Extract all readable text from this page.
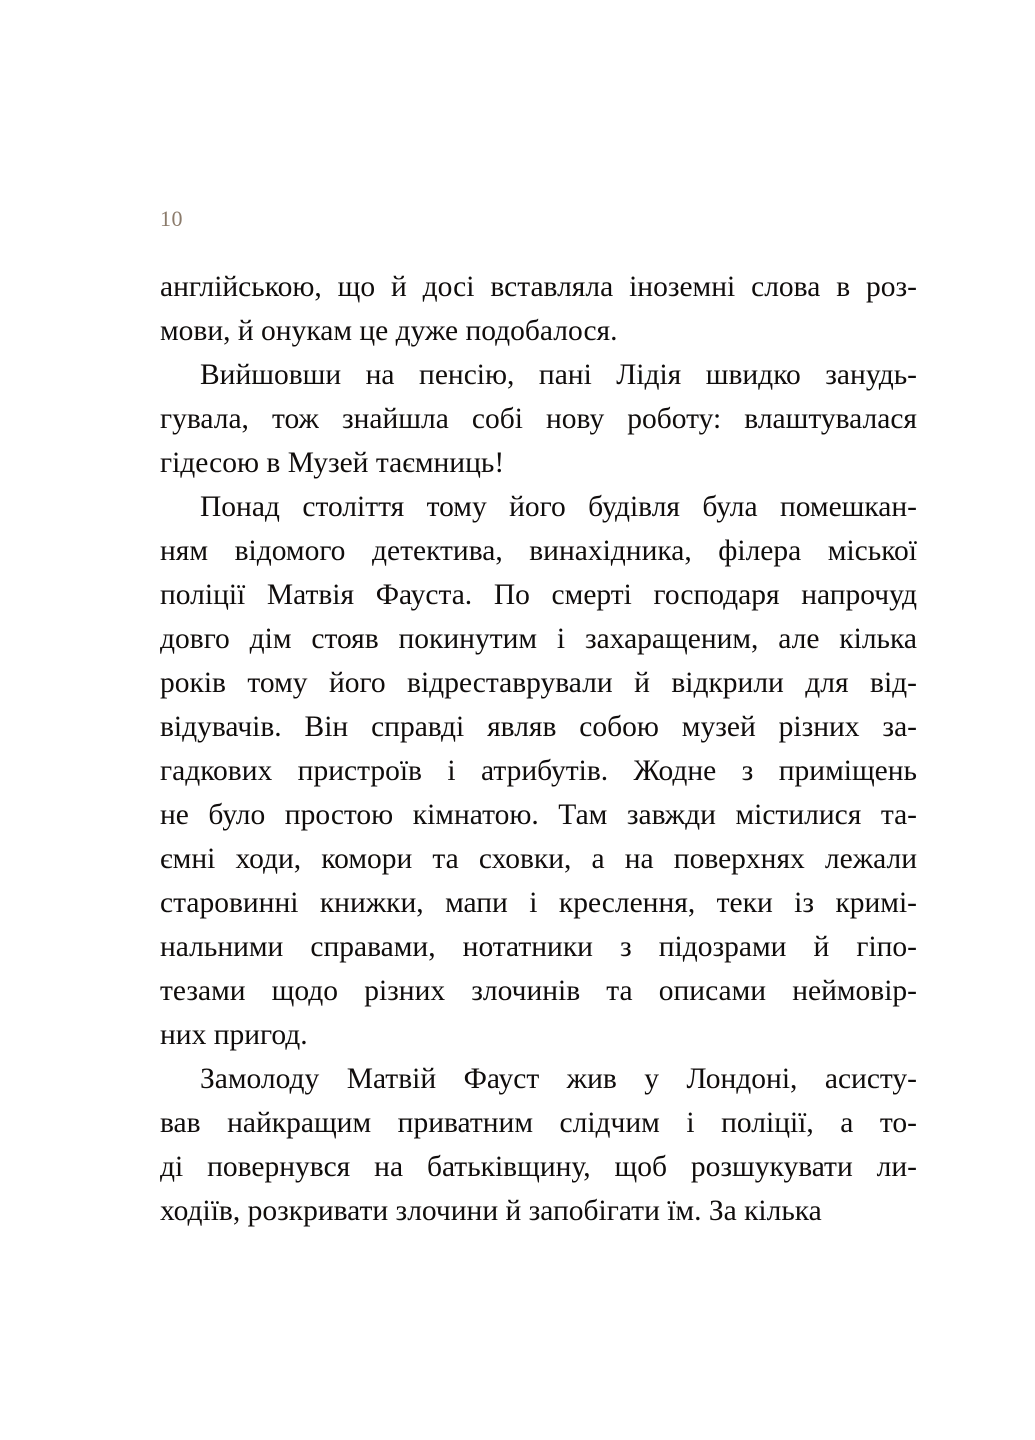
10

англійською, що й досі вставляла іноземні слова в роз-
мови, й онукам це дуже подобалося.

Вийшовши на пенсію, пані Лідія швидко занудь-
гувала, тож знайшла собі нову роботу: влаштувалася
гідесою в Музей таємниць!

Понад століття тому його будівля була помешкан-
ням відомого детектива, винахідника, філера міської
поліції Матвія Фауста. По смерті господаря напрочуд
довго дім стояв покинутим і захаращеним, але кілька
років тому його відреставрували й відкрили для від-
відувачів. Він справді являв собою музей різних за-
гадкових пристроїв і атрибутів. Жодне з приміщень
не було простою кімнатою. Там завжди містилися та-
ємні ходи, комори та сховки, а на поверхнях лежали
старовинні книжки, мапи і креслення, теки із кримі-
нальними справами, нотатники з підозрами й гіпо-
тезами щодо різних злочинів та описами неймовір-
них пригод.

Замолоду Матвій Фауст жив у Лондоні, асисту-
вав найкращим приватним слідчим і поліції, а то-
ді повернувся на батьківщину, щоб розшукувати ли-
ходіїв, розкривати злочини й запобігати їм. За кілька
